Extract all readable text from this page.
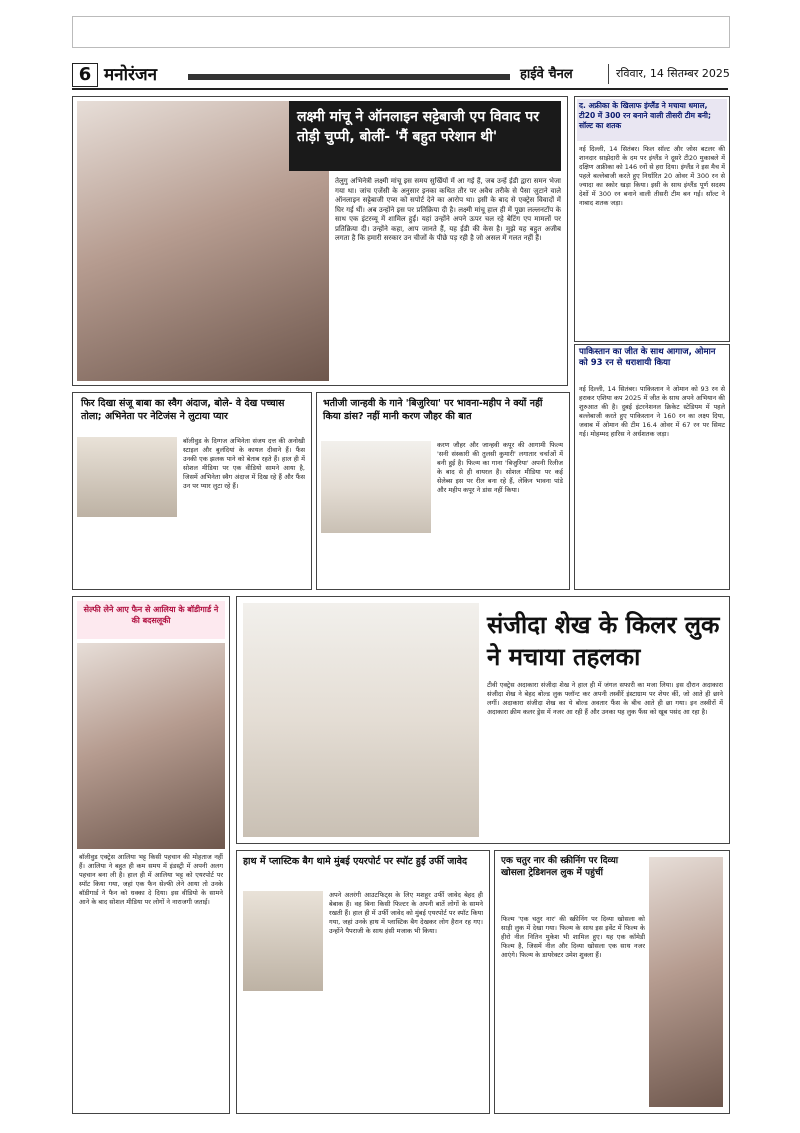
6 मनोरंजन	हाईवे चैनल	रविवार, 14 सितम्बर 2025
लक्ष्मी मांचू ने ऑनलाइन सट्टेबाजी एप विवाद पर तोड़ी चुप्पी, बोलीं- 'मैं बहुत परेशान थी'
तेलुगु अभिनेत्री लक्ष्मी मांचू इस समय सुर्खियों में आ गई हैं, जब उन्हें ईडी द्वारा समन भेजा गया था। जांच एजेंसी के अनुसार इनका कथित तौर पर अवैध तरीके से पैसा जुटाने वाले ऑनलाइन सट्टेबाजी एप्स को सपोर्ट देने का आरोप था। इसी के बाद से एक्ट्रेस विवादों में घिर गई थीं। अब उन्होंने इस पर प्रतिक्रिया दी है। लक्ष्मी मांचू हाल ही में पूछा लल्लनटॉप के साथ एक इंटरव्यू में शामिल हुईं। यहां उन्होंने अपने ऊपर चल रहे बेटिंग एप मामलों पर प्रतिक्रिया दी। उन्होंने कहा, आप जानते हैं, यह ईडी की केस है। मुझे यह बहुत अजीब लगता है कि हमारी सरकार उन चीजों के पीछे पड़ रही है जो असल में गलत नहीं हैं।
द. अफ्रीका के खिलाफ इंग्लैंड ने मचाया धमाल, टी20 में 300 रन बनाने वाली तीसरी टीम बनी; सॉल्ट का शतक
नई दिल्ली, 14 सितंबर। फिल सॉल्ट और जोस बटलर की शानदार साझेदारी के दम पर इंग्लैंड ने दूसरे टी20 मुकाबले में दक्षिण अफ्रीका को 146 रनों से हरा दिया। इंग्लैंड ने इस मैच में पहले बल्लेबाजी करते हुए निर्धारित 20 ओवर में 300 रन से ज्यादा का स्कोर खड़ा किया। इसी के साथ इंग्लैंड पूर्ण सदस्य देशों में 300 रन बनाने वाली तीसरी टीम बन गई। सॉल्ट ने नाबाद शतक जड़ा।
पाकिस्तान का जीत के साथ आगाज, ओमान को 93 रन से धराशायी किया
नई दिल्ली, 14 सितंबर। पाकिस्तान ने ओमान को 93 रन से हराकर एशिया कप 2025 में जीत के साथ अपने अभियान की शुरुआत की है। दुबई इंटरनेशनल क्रिकेट स्टेडियम में पहले बल्लेबाजी करते हुए पाकिस्तान ने 160 रन का लक्ष्य दिया, जवाब में ओमान की टीम 16.4 ओवर में 67 रन पर सिमट गई। मोहम्मद हारिस ने अर्धशतक जड़ा।
फिर दिखा संजू बाबा का स्वैग अंदाज, बोले- वे देख पच्चास तोला; अभिनेता पर नेटिजंस ने लुटाया प्यार
बॉलीवुड के दिग्गज अभिनेता संजय दत्त की अनोखी स्टाइल और बुलंदियां के कायल दीवाने हैं। फैंस उनकी एक झलक पाने को बेताब रहते हैं। हाल ही में सोशल मीडिया पर एक वीडियो सामने आया है, जिसमें अभिनेता स्वैग अंदाज में दिख रहे हैं और फैंस उन पर प्यार लुटा रहे हैं।
भतीजी जान्हवी के गाने 'बिजुरिया' पर भावना-महीप ने क्यों नहीं किया डांस? नहीं मानी करण जौहर की बात
करण जौहर और जान्हवी कपूर की आगामी फिल्म 'सनी संस्कारी की तुलसी कुमारी' लगातार चर्चाओं में बनी हुई है। फिल्म का गाना 'बिजुरिया' अपनी रिलीज के बाद से ही वायरल है। सोशल मीडिया पर कई सेलेब्स इस पर रील बना रहे हैं, लेकिन भावना पांडे और महीप कपूर ने डांस नहीं किया।
सेल्फी लेने आए फैन से आलिया के बॉडीगार्ड ने की बदसलूकी
बॉलीवुड एक्ट्रेस आलिया भट्ट किसी पहचान की मोहताज नहीं हैं। आलिया ने बहुत ही कम समय में इंडस्ट्री में अपनी अलग पहचान बना ली है। हाल ही में आलिया भट्ट को एयरपोर्ट पर स्पॉट किया गया, जहां एक फैन सेल्फी लेने आया तो उनके बॉडीगार्ड ने फैन को धक्का दे दिया। इस वीडियो के सामने आने के बाद सोशल मीडिया पर लोगों ने नाराजगी जताई।
संजीदा शेख के किलर लुक ने मचाया तहलका
टीवी एक्ट्रेस अदाकारा संजीदा शेख ने हाल ही में जंगल सफारी का मजा लिया। इस दौरान अदाकारा संजीदा शेख ने बेहद बोल्ड लुक फ्लॉन्ट कर अपनी तस्वीरें इंस्टाग्राम पर शेयर कीं, जो आते ही छाने लगीं। अदाकारा संजीदा शेख का ये बोल्ड अवतार फैंस के बीच आते ही छा गया। इन तस्वीरों में अदाकारा क्रीम कलर ड्रेस में नजर आ रही हैं और उनका यह लुक फैंस को खूब पसंद आ रहा है।
हाथ में प्लास्टिक बैग थामे मुंबई एयरपोर्ट पर स्पॉट हुईं उर्फी जावेद
अपने अतरंगी आउटफिट्स के लिए मशहूर उर्फी जावेद बेहद ही बेबाक हैं। वह बिना किसी फिल्टर के अपनी बातें लोगों के सामने रखती हैं। हाल ही में उर्फी जावेद को मुंबई एयरपोर्ट पर स्पॉट किया गया, जहां उनके हाथ में प्लास्टिक बैग देखकर लोग हैरान रह गए। उन्होंने पैपराजी के साथ हंसी मजाक भी किया।
एक चतुर नार की स्क्रीनिंग पर दिव्या खोसला ट्रेडिशनल लुक में पहुंचीं
फिल्म 'एक चतुर नार' की स्क्रीनिंग पर दिव्या खोसला को साड़ी लुक में देखा गया। फिल्म के साथ इस इवेंट में फिल्म के हीरो नील नितिन मुकेश भी शामिल हुए। यह एक कॉमेडी फिल्म है, जिसमें नील और दिव्या खोसला एक साथ नजर आएंगे। फिल्म के डायरेक्टर उमेश शुक्ला हैं।
